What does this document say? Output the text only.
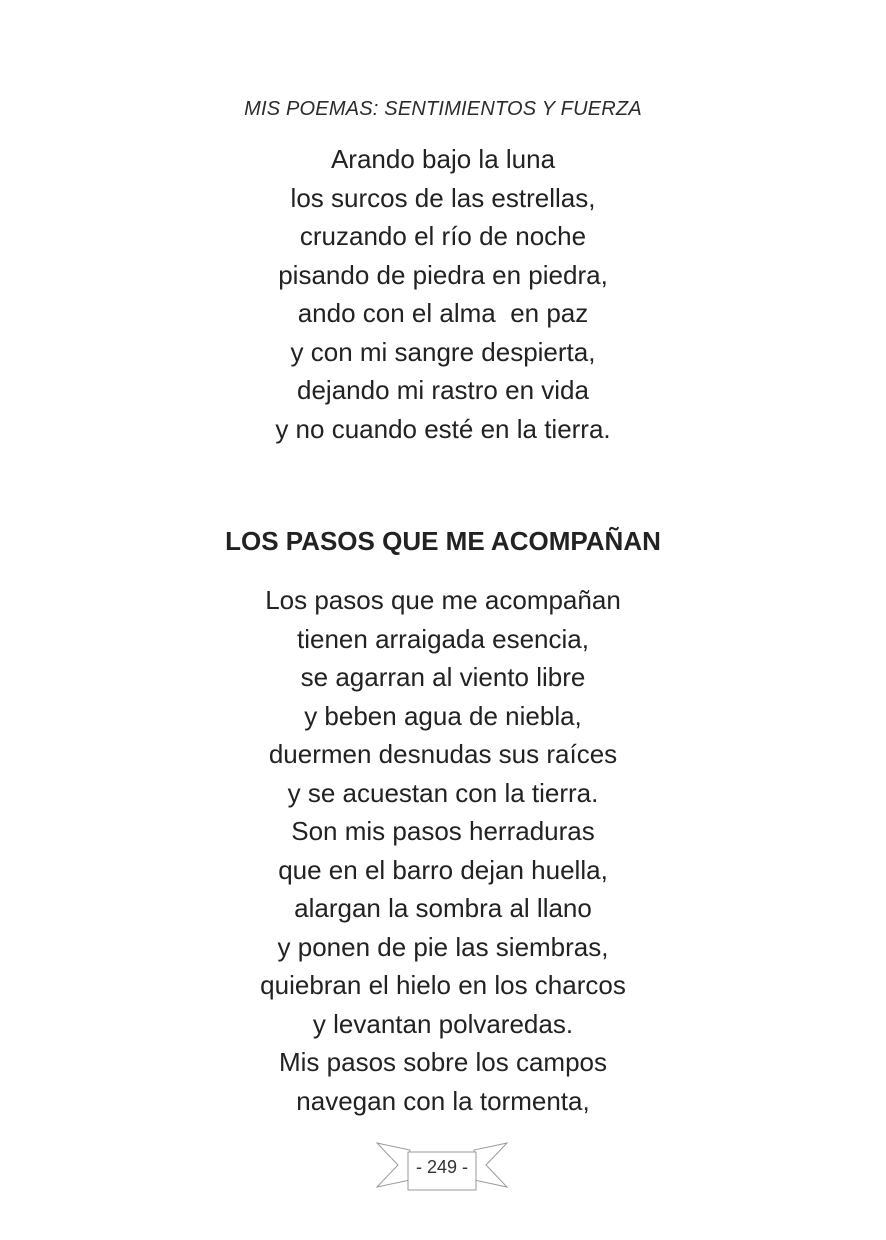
MIS POEMAS: SENTIMIENTOS Y FUERZA
Arando bajo la luna
los surcos de las estrellas,
cruzando el río de noche
pisando de piedra en piedra,
ando con el alma  en paz
y con mi sangre despierta,
dejando mi rastro en vida
y no cuando esté en la tierra.
LOS PASOS QUE ME ACOMPAÑAN
Los pasos que me acompañan
tienen arraigada esencia,
se agarran al viento libre
y beben agua de niebla,
duermen desnudas sus raíces
y se acuestan con la tierra.
Son mis pasos herraduras
que en el barro dejan huella,
alargan la sombra al llano
y ponen de pie las siembras,
quiebran el hielo en los charcos
y levantan polvaredas.
Mis pasos sobre los campos
navegan con la tormenta,
- 249 -
